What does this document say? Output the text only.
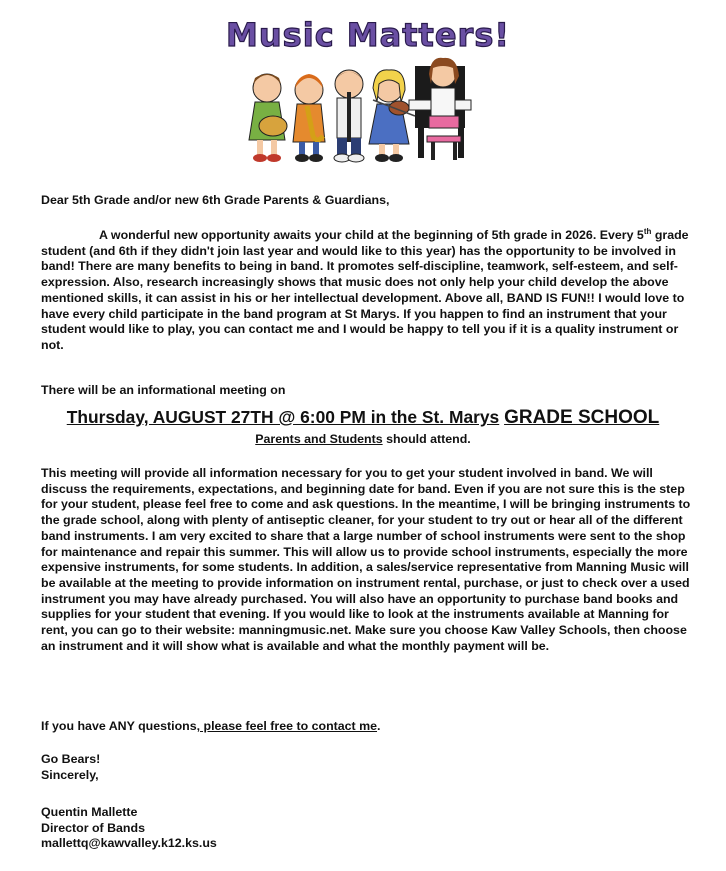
Music Matters!

Dear 5th Grade and/or new 6th Grade Parents & Guardians,

A wonderful new opportunity awaits your child at the beginning of 5th grade in 2026. Every 5th grade student (and 6th if they didn't join last year and would like to this year) has the opportunity to be involved in band! There are many benefits to being in band. It promotes self-discipline, teamwork, self-esteem, and self-expression. Also, research increasingly shows that music does not only help your child develop the above mentioned skills, it can assist in his or her intellectual development. Above all, BAND IS FUN!! I would love to have every child participate in the band program at St Marys. If you happen to find an instrument that your student would like to play, you can contact me and I would be happy to tell you if it is a quality instrument or not.

There will be an informational meeting on

Thursday, AUGUST 27TH @ 6:00 PM in the St. Marys GRADE SCHOOL

Parents and Students should attend.

This meeting will provide all information necessary for you to get your student involved in band. We will discuss the requirements, expectations, and beginning date for band. Even if you are not sure this is the step for your student, please feel free to come and ask questions. In the meantime, I will be bringing instruments to the grade school, along with plenty of antiseptic cleaner, for your student to try out or hear all of the different band instruments. I am very excited to share that a large number of school instruments were sent to the shop for maintenance and repair this summer. This will allow us to provide school instruments, especially the more expensive instruments, for some students. In addition, a sales/service representative from Manning Music will be available at the meeting to provide information on instrument rental, purchase, or just to check over a used instrument you may have already purchased. You will also have an opportunity to purchase band books and supplies for your student that evening. If you would like to look at the instruments available at Manning for rent, you can go to their website: manningmusic.net. Make sure you choose Kaw Valley Schools, then choose an instrument and it will show what is available and what the monthly payment will be.

If you have ANY questions, please feel free to contact me.

Go Bears!
Sincerely,
Quentin Mallette
Director of Bands
mallettq@kawvalley.k12.ks.us
